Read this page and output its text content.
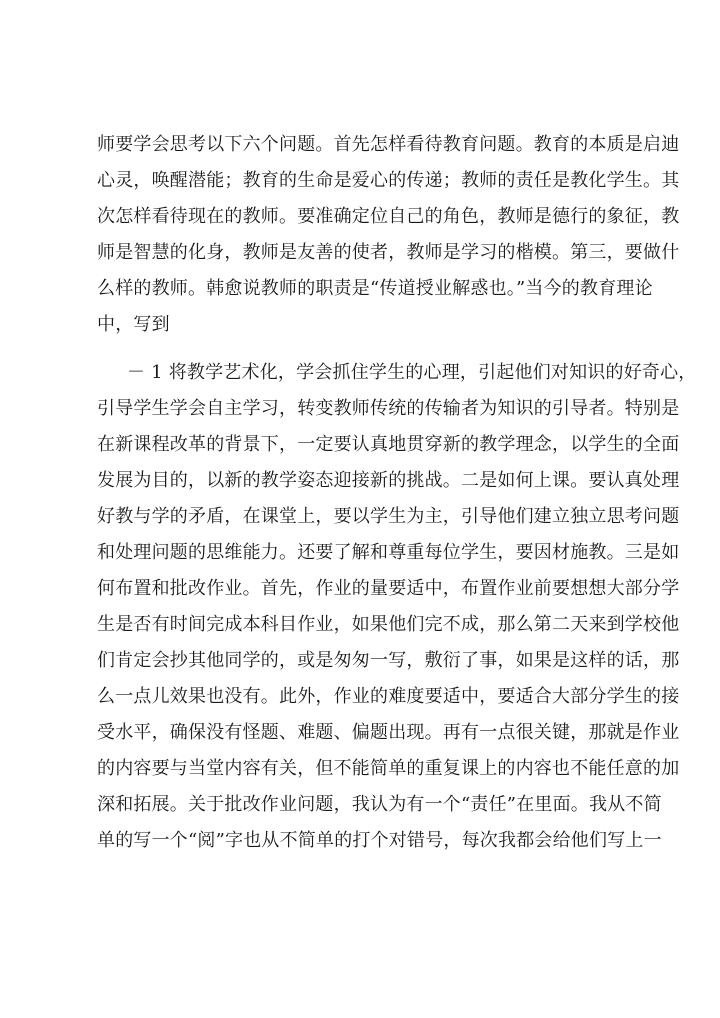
师要学会思考以下六个问题。首先怎样看待教育问题。教育的本质是启迪
心灵，唤醒潜能；教育的生命是爱心的传递；教师的责任是教化学生。其
次怎样看待现在的教师。要准确定位自己的角色，教师是德行的象征，教
师是智慧的化身，教师是友善的使者，教师是学习的楷模。第三，要做什
么样的教师。韩愈说教师的职责是“传道授业解惑也。”当今的教育理论
中，写到
－ 1 将教学艺术化，学会抓住学生的心理，引起他们对知识的好奇心，
引导学生学会自主学习，转变教师传统的传输者为知识的引导者。特别是
在新课程改革的背景下，一定要认真地贯穿新的教学理念，以学生的全面
发展为目的，以新的教学姿态迎接新的挑战。二是如何上课。要认真处理
好教与学的矛盾，在课堂上，要以学生为主，引导他们建立独立思考问题
和处理问题的思维能力。还要了解和尊重每位学生，要因材施教。三是如
何布置和批改作业。首先，作业的量要适中，布置作业前要想想大部分学
生是否有时间完成本科目作业，如果他们完不成，那么第二天来到学校他
们肯定会抄其他同学的，或是匆匆一写，敷衍了事，如果是这样的话，那
么一点儿效果也没有。此外，作业的难度要适中，要适合大部分学生的接
受水平，确保没有怪题、难题、偏题出现。再有一点很关键，那就是作业
的内容要与当堂内容有关，但不能简单的重复课上的内容也不能任意的加
深和拓展。关于批改作业问题，我认为有一个“责任”在里面。我从不简
单的写一个“阅”字也从不简单的打个对错号，每次我都会给他们写上一
